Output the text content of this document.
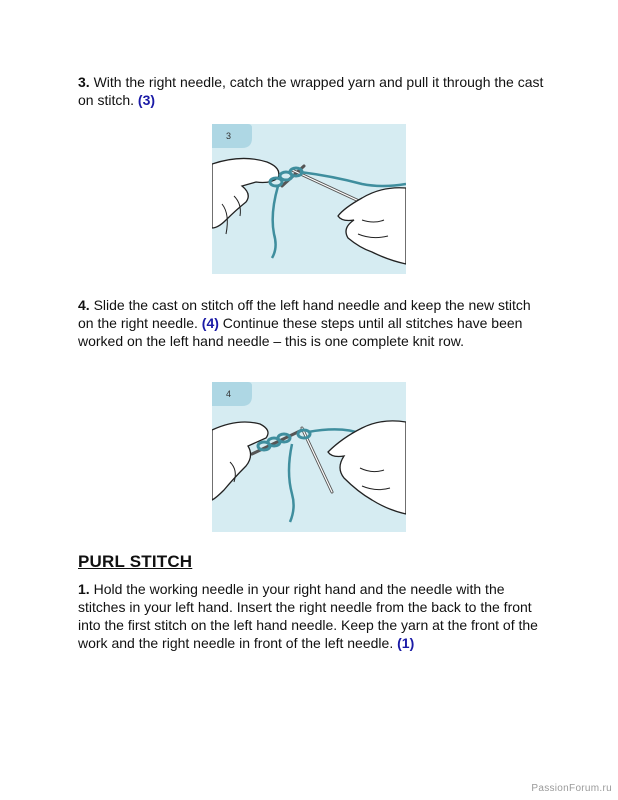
3. With the right needle, catch the wrapped yarn and pull it through the cast on stitch. (3)

3

4. Slide the cast on stitch off the left hand needle and keep the new stitch on the right needle. (4) Continue these steps until all stitches have been worked on the left hand needle – this is one complete knit row.

4
PURL STITCH

1. Hold the working needle in your right hand and the needle with the stitches in your left hand. Insert the right needle from the back to the front into the first stitch on the left hand needle. Keep the yarn at the front of the work and the right needle in front of the left needle. (1)

PassionForum.ru
